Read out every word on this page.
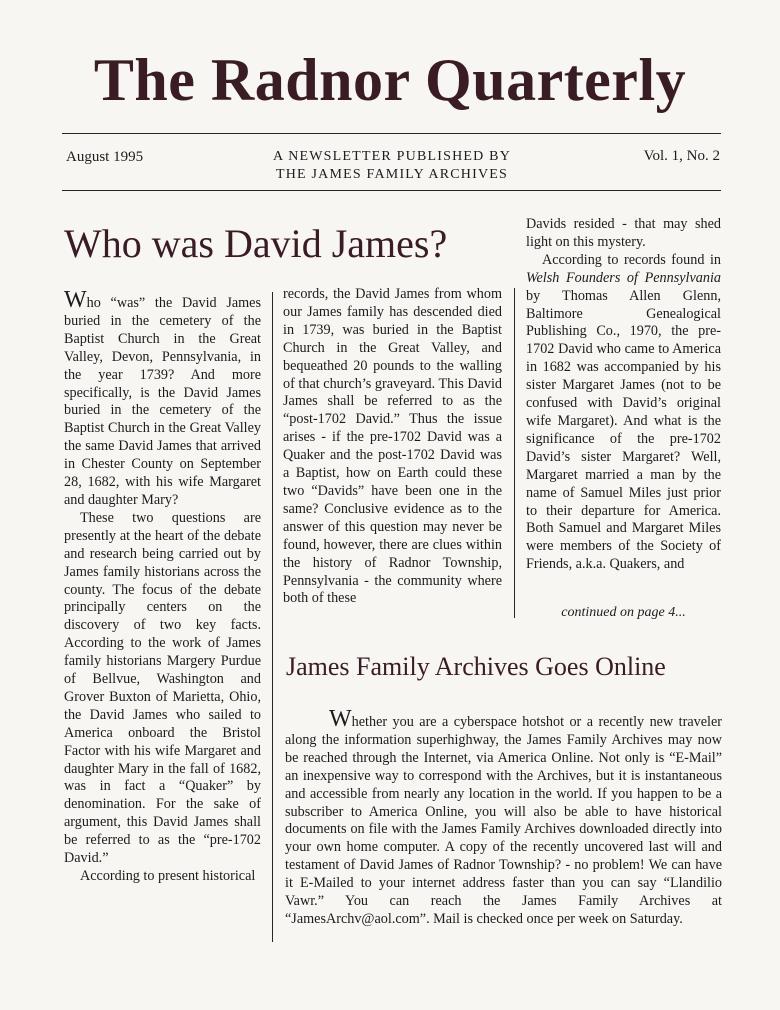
The Radnor Quarterly
August 1995	A NEWSLETTER PUBLISHED BY
THE JAMES FAMILY ARCHIVES
Vol. 1, No. 2
Who was David James?

Who “was” the David James buried in the cemetery of the Baptist Church in the Great Valley, Devon, Pennsylvania, in the year 1739? And more specifically, is the David James buried in the cemetery of the Baptist Church in the Great Valley the same David James that arrived in Chester County on September 28, 1682, with his wife Margaret and daughter Mary?

These two questions are presently at the heart of the debate and research being carried out by James family historians across the county. The focus of the debate principally centers on the discovery of two key facts. According to the work of James family historians Margery Purdue of Bellvue, Washington and Grover Buxton of Marietta, Ohio, the David James who sailed to America onboard the Bristol Factor with his wife Margaret and daughter Mary in the fall of 1682, was in fact a “Quaker” by denomination. For the sake of argument, this David James shall be referred to as the “pre-1702 David.”

According to present historical

records, the David James from whom our James family has descended died in 1739, was buried in the Baptist Church in the Great Valley, and bequeathed 20 pounds to the walling of that church’s graveyard. This David James shall be referred to as the “post-1702 David.” Thus the issue arises - if the pre-1702 David was a Quaker and the post-1702 David was a Baptist, how on Earth could these two “Davids” have been one in the same? Conclusive evidence as to the answer of this question may never be found, however, there are clues within the history of Radnor Township, Pennsylvania - the community where both of these

Davids resided - that may shed light on this mystery.

According to records found in Welsh Founders of Pennsylvania by Thomas Allen Glenn, Baltimore Genealogical Publishing Co., 1970, the pre-1702 David who came to America in 1682 was accompanied by his sister Margaret James (not to be confused with David’s original wife Margaret). And what is the significance of the pre-1702 David’s sister Margaret? Well, Margaret married a man by the name of Samuel Miles just prior to their departure for America. Both Samuel and Margaret Miles were members of the Society of Friends, a.k.a. Quakers, and

continued on page 4...
James Family Archives Goes Online

Whether you are a cyberspace hotshot or a recently new traveler along the information superhighway, the James Family Archives may now be reached through the Internet, via America Online. Not only is “E-Mail” an inexpensive way to correspond with the Archives, but it is instantaneous and accessible from nearly any location in the world. If you happen to be a subscriber to America Online, you will also be able to have historical documents on file with the James Family Archives downloaded directly into your own home computer. A copy of the recently uncovered last will and testament of David James of Radnor Township? - no problem! We can have it E-Mailed to your internet address faster than you can say “Llandilio Vawr.” You can reach the James Family Archives at “JamesArchv@aol.com”. Mail is checked once per week on Saturday.
